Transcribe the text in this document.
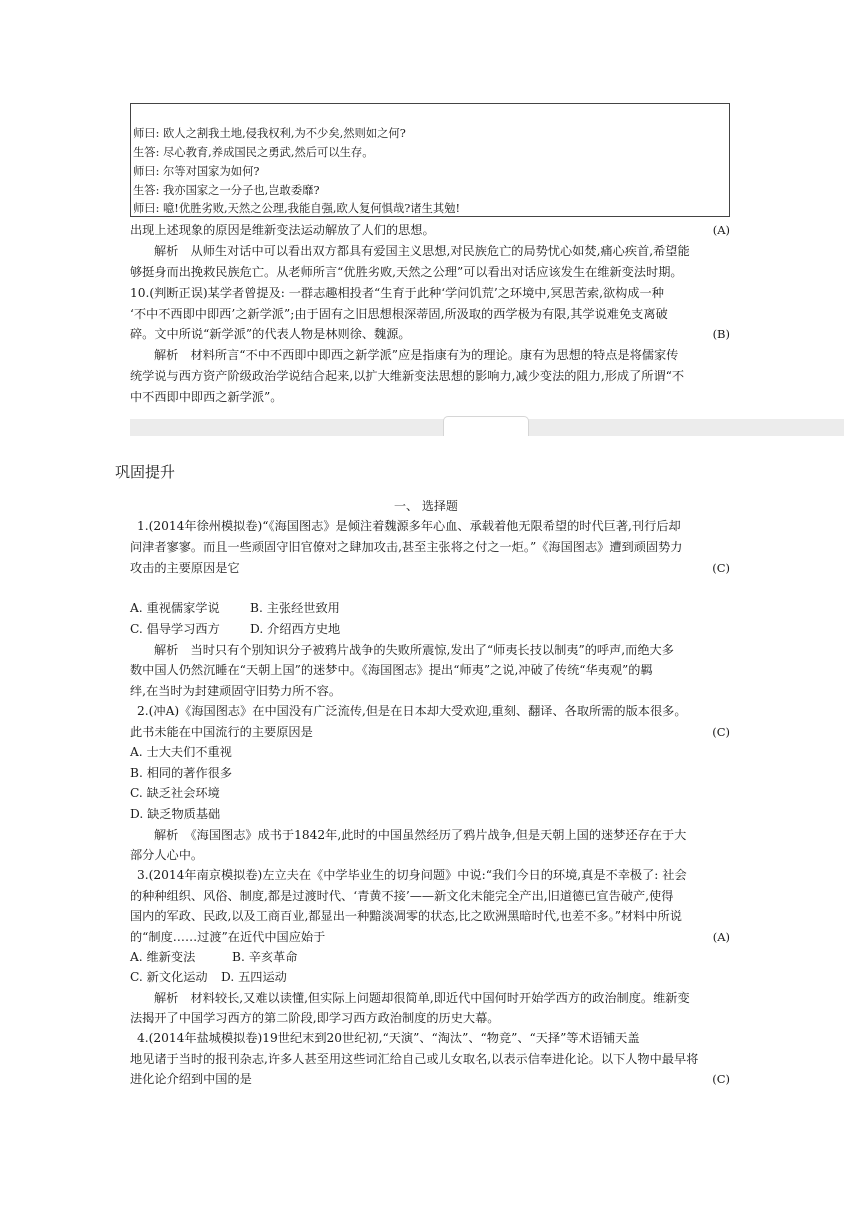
师曰: 欧人之割我土地,侵我权利,为不少矣,然则如之何?
生答: 尽心教育,养成国民之勇武,然后可以生存。
师曰: 尔等对国家为如何?
生答: 我亦国家之一分子也,岂敢委靡?
师曰: 噫!优胜劣败,天然之公理,我能自强,欧人复何惧哉?诸生其勉!
出现上述现象的原因是维新变法运动解放了人们的思想。	(A)
解析　从师生对话中可以看出双方都具有爱国主义思想,对民族危亡的局势忧心如焚,痛心疾首,希望能
够挺身而出挽救民族危亡。从老师所言“优胜劣败,天然之公理”可以看出对话应该发生在维新变法时期。
10.(判断正误)某学者曾提及: 一群志趣相投者“生育于此种‘学问饥荒’之环境中,冥思苦索,欲构成一种
‘不中不西即中即西’之新学派”;由于固有之旧思想根深蒂固,所汲取的西学极为有限,其学说难免支离破
碎。文中所说“新学派”的代表人物是林则徐、魏源。	(B)
解析　材料所言“不中不西即中即西之新学派”应是指康有为的理论。康有为思想的特点是将儒家传
统学说与西方资产阶级政治学说结合起来,以扩大维新变法思想的影响力,减少变法的阻力,形成了所谓“不
中不西即中即西之新学派”。
巩固提升
一、 选择题
1.(2014年徐州模拟卷)“《海国图志》是倾注着魏源多年心血、承载着他无限希望的时代巨著,刊行后却
问津者寥寥。而且一些顽固守旧官僚对之肆加攻击,甚至主张将之付之一炬。”《海国图志》遭到顽固势力
攻击的主要原因是它	(C)
A. 重视儒家学说 B. 主张经世致用
C. 倡导学习西方 D. 介绍西方史地
解析　当时只有个别知识分子被鸦片战争的失败所震惊,发出了“师夷长技以制夷”的呼声,而绝大多
数中国人仍然沉睡在“天朝上国”的迷梦中。《海国图志》提出“师夷”之说,冲破了传统“华夷观”的羁
绊,在当时为封建顽固守旧势力所不容。
2.(冲A)《海国图志》在中国没有广泛流传,但是在日本却大受欢迎,重刻、翻译、各取所需的版本很多。
此书未能在中国流行的主要原因是	(C)
A. 士大夫们不重视
B. 相同的著作很多
C. 缺乏社会环境
D. 缺乏物质基础
解析　《海国图志》成书于1842年,此时的中国虽然经历了鸦片战争,但是天朝上国的迷梦还存在于大
部分人心中。
3.(2014年南京模拟卷)左立夫在《中学毕业生的切身问题》中说:“我们今日的环境,真是不幸极了: 社会
的种种组织、风俗、制度,都是过渡时代、‘青黄不接’——新文化未能完全产出,旧道德已宣告破产,使得
国内的军政、民政,以及工商百业,都显出一种黯淡凋零的状态,比之欧洲黑暗时代,也差不多。”材料中所说
的“制度……过渡”在近代中国应始于	(A)
A. 维新变法	B. 辛亥革命
C. 新文化运动 D. 五四运动
解析　材料较长,又难以读懂,但实际上问题却很简单,即近代中国何时开始学西方的政治制度。维新变
法揭开了中国学习西方的第二阶段,即学习西方政治制度的历史大幕。
4.(2014年盐城模拟卷)19世纪末到20世纪初,“天演”、“淘汰”、“物竞”、“天择”等术语铺天盖
地见诸于当时的报刊杂志,许多人甚至用这些词汇给自己或儿女取名,以表示信奉进化论。以下人物中最早将
进化论介绍到中国的是	(C)
